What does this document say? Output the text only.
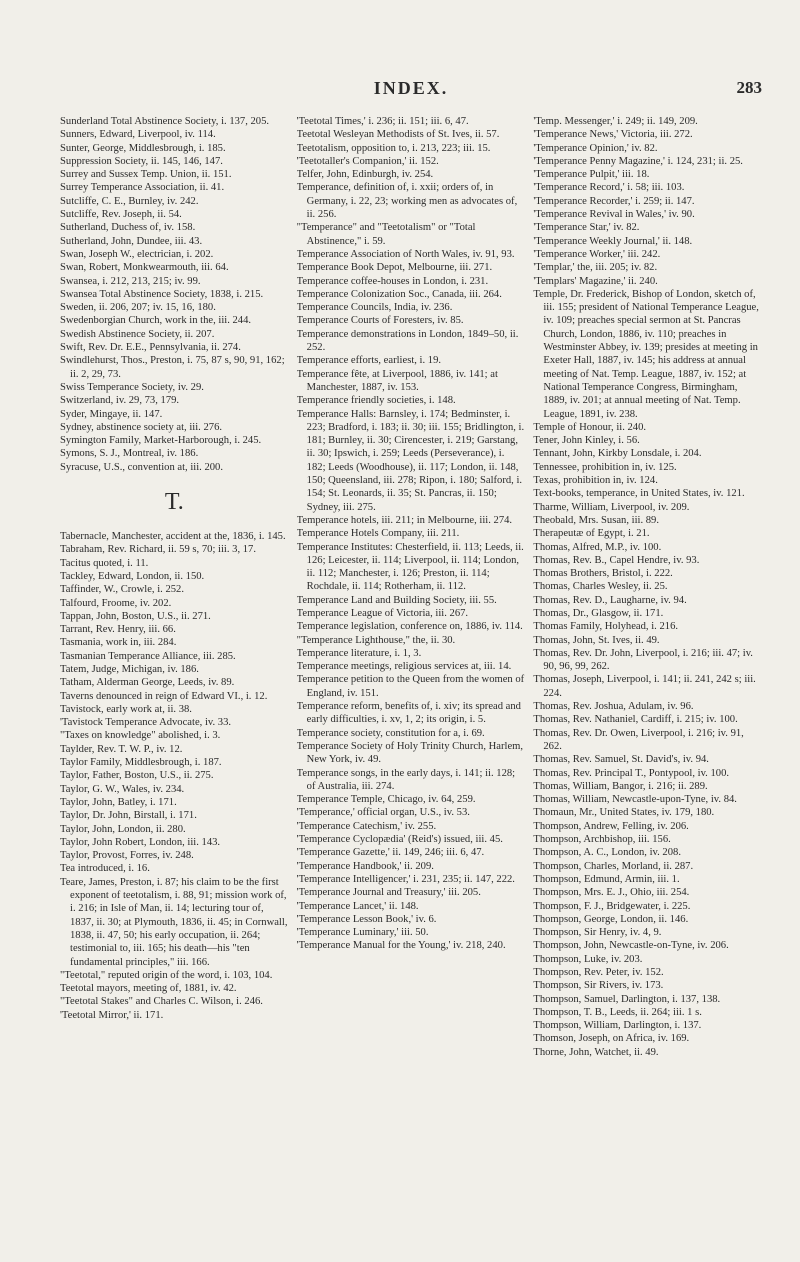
INDEX.	283

Sunderland Total Abstinence Society, i. 137, 205.

Sunners, Edward, Liverpool, iv. 114.

Sunter, George, Middlesbrough, i. 185.

Suppression Society, ii. 145, 146, 147.

Surrey and Sussex Temp. Union, ii. 151.

Surrey Temperance Association, ii. 41.

Sutcliffe, C. E., Burnley, iv. 242.

Sutcliffe, Rev. Joseph, ii. 54.

Sutherland, Duchess of, iv. 158.

Sutherland, John, Dundee, iii. 43.

Swan, Joseph W., electrician, i. 202.

Swan, Robert, Monkwearmouth, iii. 64.

Swansea, i. 212, 213, 215; iv. 99.

Swansea Total Abstinence Society, 1838, i. 215.

Sweden, ii. 206, 207; iv. 15, 16, 180.

Swedenborgian Church, work in the, iii. 244.

Swedish Abstinence Society, ii. 207.

Swift, Rev. Dr. E.E., Pennsylvania, ii. 274.

Swindlehurst, Thos., Preston, i. 75, 87 s, 90, 91, 162; ii. 2, 29, 73.

Swiss Temperance Society, iv. 29.

Switzerland, iv. 29, 73, 179.

Syder, Mingaye, ii. 147.

Sydney, abstinence society at, iii. 276.

Symington Family, Market-Harborough, i. 245.

Symons, S. J., Montreal, iv. 186.

Syracuse, U.S., convention at, iii. 200.

T.

Tabernacle, Manchester, accident at the, 1836, i. 145.

Tabraham, Rev. Richard, ii. 59 s, 70; iii. 3, 17.

Tacitus quoted, i. 11.

Tackley, Edward, London, ii. 150.

Taffinder, W., Crowle, i. 252.

Talfourd, Froome, iv. 202.

Tappan, John, Boston, U.S., ii. 271.

Tarrant, Rev. Henry, iii. 66.

Tasmania, work in, iii. 284.

Tasmanian Temperance Alliance, iii. 285.

Tatem, Judge, Michigan, iv. 186.

Tatham, Alderman George, Leeds, iv. 89.

Taverns denounced in reign of Edward VI., i. 12.

Tavistock, early work at, ii. 38.

'Tavistock Temperance Advocate, iv. 33.

"Taxes on knowledge" abolished, i. 3.

Taylder, Rev. T. W. P., iv. 12.

Taylor Family, Middlesbrough, i. 187.

Taylor, Father, Boston, U.S., ii. 275.

Taylor, G. W., Wales, iv. 234.

Taylor, John, Batley, i. 171.

Taylor, Dr. John, Birstall, i. 171.

Taylor, John, London, ii. 280.

Taylor, John Robert, London, iii. 143.

Taylor, Provost, Forres, iv. 248.

Tea introduced, i. 16.

Teare, James, Preston, i. 87; his claim to be the first exponent of teetotalism, i. 88, 91; mission work of, i. 216; in Isle of Man, ii. 14; lecturing tour of, 1837, ii. 30; at Plymouth, 1836, ii. 45; in Cornwall, 1838, ii. 47, 50; his early occupation, ii. 264; testimonial to, iii. 165; his death—his "ten fundamental principles," iii. 166.

"Teetotal," reputed origin of the word, i. 103, 104.

Teetotal mayors, meeting of, 1881, iv. 42.

"Teetotal Stakes" and Charles C. Wilson, i. 246.

'Teetotal Mirror,' ii. 171.

'Teetotal Times,' i. 236; ii. 151; iii. 6, 47.

Teetotal Wesleyan Methodists of St. Ives, ii. 57.

Teetotalism, opposition to, i. 213, 223; iii. 15.

'Teetotaller's Companion,' ii. 152.

Telfer, John, Edinburgh, iv. 254.

Temperance, definition of, i. xxii; orders of, in Germany, i. 22, 23; working men as advocates of, ii. 256.

"Temperance" and "Teetotalism" or "Total Abstinence," i. 59.

Temperance Association of North Wales, iv. 91, 93.

Temperance Book Depot, Melbourne, iii. 271.

Temperance coffee-houses in London, i. 231.

Temperance Colonization Soc., Canada, iii. 264.

Temperance Councils, India, iv. 236.

Temperance Courts of Foresters, iv. 85.

Temperance demonstrations in London, 1849–50, ii. 252.

Temperance efforts, earliest, i. 19.

Temperance fête, at Liverpool, 1886, iv. 141; at Manchester, 1887, iv. 153.

Temperance friendly societies, i. 148.

Temperance Halls: Barnsley, i. 174; Bedminster, i. 223; Bradford, i. 183; ii. 30; iii. 155; Bridlington, i. 181; Burnley, ii. 30; Cirencester, i. 219; Garstang, ii. 30; Ipswich, i. 259; Leeds (Perseverance), i. 182; Leeds (Woodhouse), ii. 117; London, ii. 148, 150; Queensland, iii. 278; Ripon, i. 180; Salford, i. 154; St. Leonards, ii. 35; St. Pancras, ii. 150; Sydney, iii. 275.

Temperance hotels, iii. 211; in Melbourne, iii. 274.

Temperance Hotels Company, iii. 211.

Temperance Institutes: Chesterfield, ii. 113; Leeds, ii. 126; Leicester, ii. 114; Liverpool, ii. 114; London, ii. 112; Manchester, i. 126; Preston, ii. 114; Rochdale, ii. 114; Rotherham, ii. 112.

Temperance Land and Building Society, iii. 55.

Temperance League of Victoria, iii. 267.

Temperance legislation, conference on, 1886, iv. 114.

"Temperance Lighthouse," the, ii. 30.

Temperance literature, i. 1, 3.

Temperance meetings, religious services at, iii. 14.

Temperance petition to the Queen from the women of England, iv. 151.

Temperance reform, benefits of, i. xiv; its spread and early difficulties, i. xv, 1, 2; its origin, i. 5.

Temperance society, constitution for a, i. 69.

Temperance Society of Holy Trinity Church, Harlem, New York, iv. 49.

Temperance songs, in the early days, i. 141; ii. 128; of Australia, iii. 274.

Temperance Temple, Chicago, iv. 64, 259.

'Temperance,' official organ, U.S., iv. 53.

'Temperance Catechism,' iv. 255.

'Temperance Cyclopædia' (Reid's) issued, iii. 45.

'Temperance Gazette,' ii. 149, 246; iii. 6, 47.

'Temperance Handbook,' ii. 209.

'Temperance Intelligencer,' i. 231, 235; ii. 147, 222.

'Temperance Journal and Treasury,' iii. 205.

'Temperance Lancet,' ii. 148.

'Temperance Lesson Book,' iv. 6.

'Temperance Luminary,' iii. 50.

'Temperance Manual for the Young,' iv. 218, 240.

'Temp. Messenger,' i. 249; ii. 149, 209.

'Temperance News,' Victoria, iii. 272.

'Temperance Opinion,' iv. 82.

'Temperance Penny Magazine,' i. 124, 231; ii. 25.

'Temperance Pulpit,' iii. 18.

'Temperance Record,' i. 58; iii. 103.

'Temperance Recorder,' i. 259; ii. 147.

'Temperance Revival in Wales,' iv. 90.

'Temperance Star,' iv. 82.

'Temperance Weekly Journal,' ii. 148.

'Temperance Worker,' iii. 242.

'Templar,' the, iii. 205; iv. 82.

'Templars' Magazine,' ii. 240.

Temple, Dr. Frederick, Bishop of London, sketch of, iii. 155; president of National Temperance League, iv. 109; preaches special sermon at St. Pancras Church, London, 1886, iv. 110; preaches in Westminster Abbey, iv. 139; presides at meeting in Exeter Hall, 1887, iv. 145; his address at annual meeting of Nat. Temp. League, 1887, iv. 152; at National Temperance Congress, Birmingham, 1889, iv. 201; at annual meeting of Nat. Temp. League, 1891, iv. 238.

Temple of Honour, ii. 240.

Tener, John Kinley, i. 56.

Tennant, John, Kirkby Lonsdale, i. 204.

Tennessee, prohibition in, iv. 125.

Texas, prohibition in, iv. 124.

Text-books, temperance, in United States, iv. 121.

Tharme, William, Liverpool, iv. 209.

Theobald, Mrs. Susan, iii. 89.

Therapeutæ of Egypt, i. 21.

Thomas, Alfred, M.P., iv. 100.

Thomas, Rev. B., Capel Hendre, iv. 93.

Thomas Brothers, Bristol, i. 222.

Thomas, Charles Wesley, ii. 25.

Thomas, Rev. D., Laugharne, iv. 94.

Thomas, Dr., Glasgow, ii. 171.

Thomas Family, Holyhead, i. 216.

Thomas, John, St. Ives, ii. 49.

Thomas, Rev. Dr. John, Liverpool, i. 216; iii. 47; iv. 90, 96, 99, 262.

Thomas, Joseph, Liverpool, i. 141; ii. 241, 242 s; iii. 224.

Thomas, Rev. Joshua, Adulam, iv. 96.

Thomas, Rev. Nathaniel, Cardiff, i. 215; iv. 100.

Thomas, Rev. Dr. Owen, Liverpool, i. 216; iv. 91, 262.

Thomas, Rev. Samuel, St. David's, iv. 94.

Thomas, Rev. Principal T., Pontypool, iv. 100.

Thomas, William, Bangor, i. 216; ii. 289.

Thomas, William, Newcastle-upon-Tyne, iv. 84.

Thomaun, Mr., United States, iv. 179, 180.

Thompson, Andrew, Felling, iv. 206.

Thompson, Archbishop, iii. 156.

Thompson, A. C., London, iv. 208.

Thompson, Charles, Morland, ii. 287.

Thompson, Edmund, Armin, iii. 1.

Thompson, Mrs. E. J., Ohio, iii. 254.

Thompson, F. J., Bridgewater, i. 225.

Thompson, George, London, ii. 146.

Thompson, Sir Henry, iv. 4, 9.

Thompson, John, Newcastle-on-Tyne, iv. 206.

Thompson, Luke, iv. 203.

Thompson, Rev. Peter, iv. 152.

Thompson, Sir Rivers, iv. 173.

Thompson, Samuel, Darlington, i. 137, 138.

Thompson, T. B., Leeds, ii. 264; iii. 1 s.

Thompson, William, Darlington, i. 137.

Thomson, Joseph, on Africa, iv. 169.

Thorne, John, Watchet, ii. 49.
